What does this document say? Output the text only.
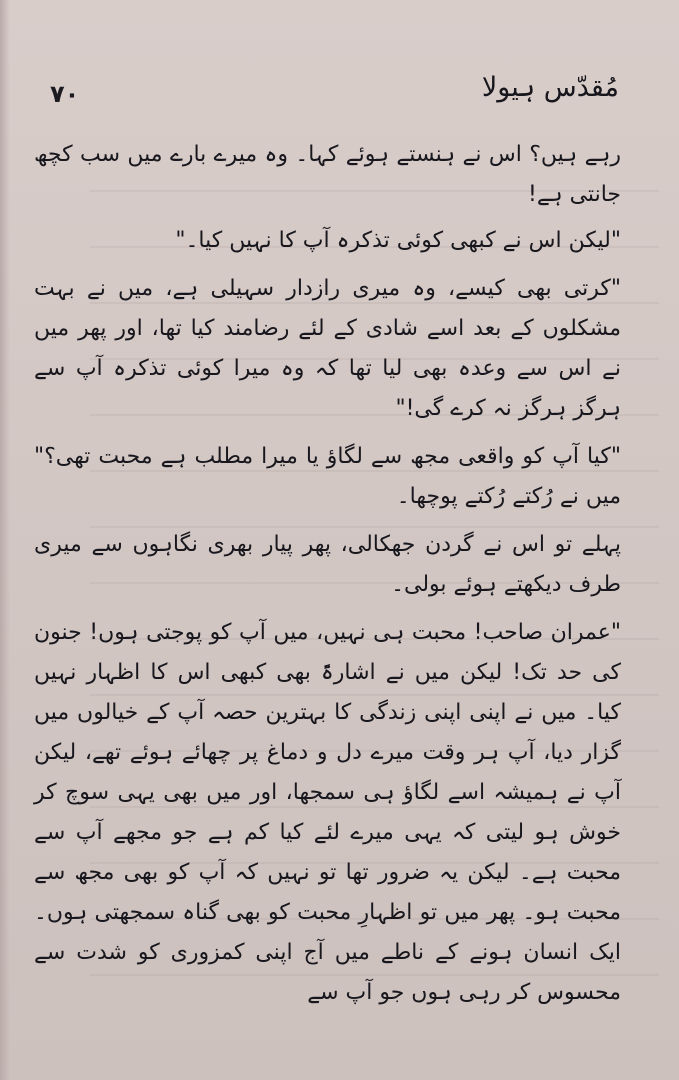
٧٠	مُقدّس ہیولا

رہے ہیں؟ اس نے ہنستے ہوئے کہا۔ وہ میرے بارے میں سب کچھ جانتی ہے!

"لیکن اس نے کبھی کوئی تذکرہ آپ کا نہیں کیا۔"

"کرتی بھی کیسے، وہ میری رازدار سہیلی ہے، میں نے بہت مشکلوں کے بعد اسے شادی کے لئے رضامند کیا تھا، اور پھر میں نے اس سے وعدہ بھی لیا تھا کہ وہ میرا کوئی تذکرہ آپ سے ہرگز ہرگز نہ کرے گی!"

"کیا آپ کو واقعی مجھ سے لگاؤ یا میرا مطلب ہے محبت تھی؟" میں نے رُکتے رُکتے پوچھا۔

پہلے تو اس نے گردن جھکالی، پھر پیار بھری نگاہوں سے میری طرف دیکھتے ہوئے بولی۔

"عمران صاحب! محبت ہی نہیں، میں آپ کو پوجتی ہوں! جنون کی حد تک! لیکن میں نے اشارۃً بھی کبھی اس کا اظہار نہیں کیا۔ میں نے اپنی اپنی زندگی کا بہترین حصہ آپ کے خیالوں میں گزار دیا، آپ ہر وقت میرے دل و دماغ پر چھائے ہوئے تھے، لیکن آپ نے ہمیشہ اسے لگاؤ ہی سمجھا، اور میں بھی یہی سوچ کر خوش ہو لیتی کہ یہی میرے لئے کیا کم ہے جو مجھے آپ سے محبت ہے۔ لیکن یہ ضرور تھا تو نہیں کہ آپ کو بھی مجھ سے محبت ہو۔ پھر میں تو اظہارِ محبت کو بھی گناہ سمجھتی ہوں۔ ایک انسان ہونے کے ناطے میں آج اپنی کمزوری کو شدت سے محسوس کر رہی ہوں جو آپ سے
